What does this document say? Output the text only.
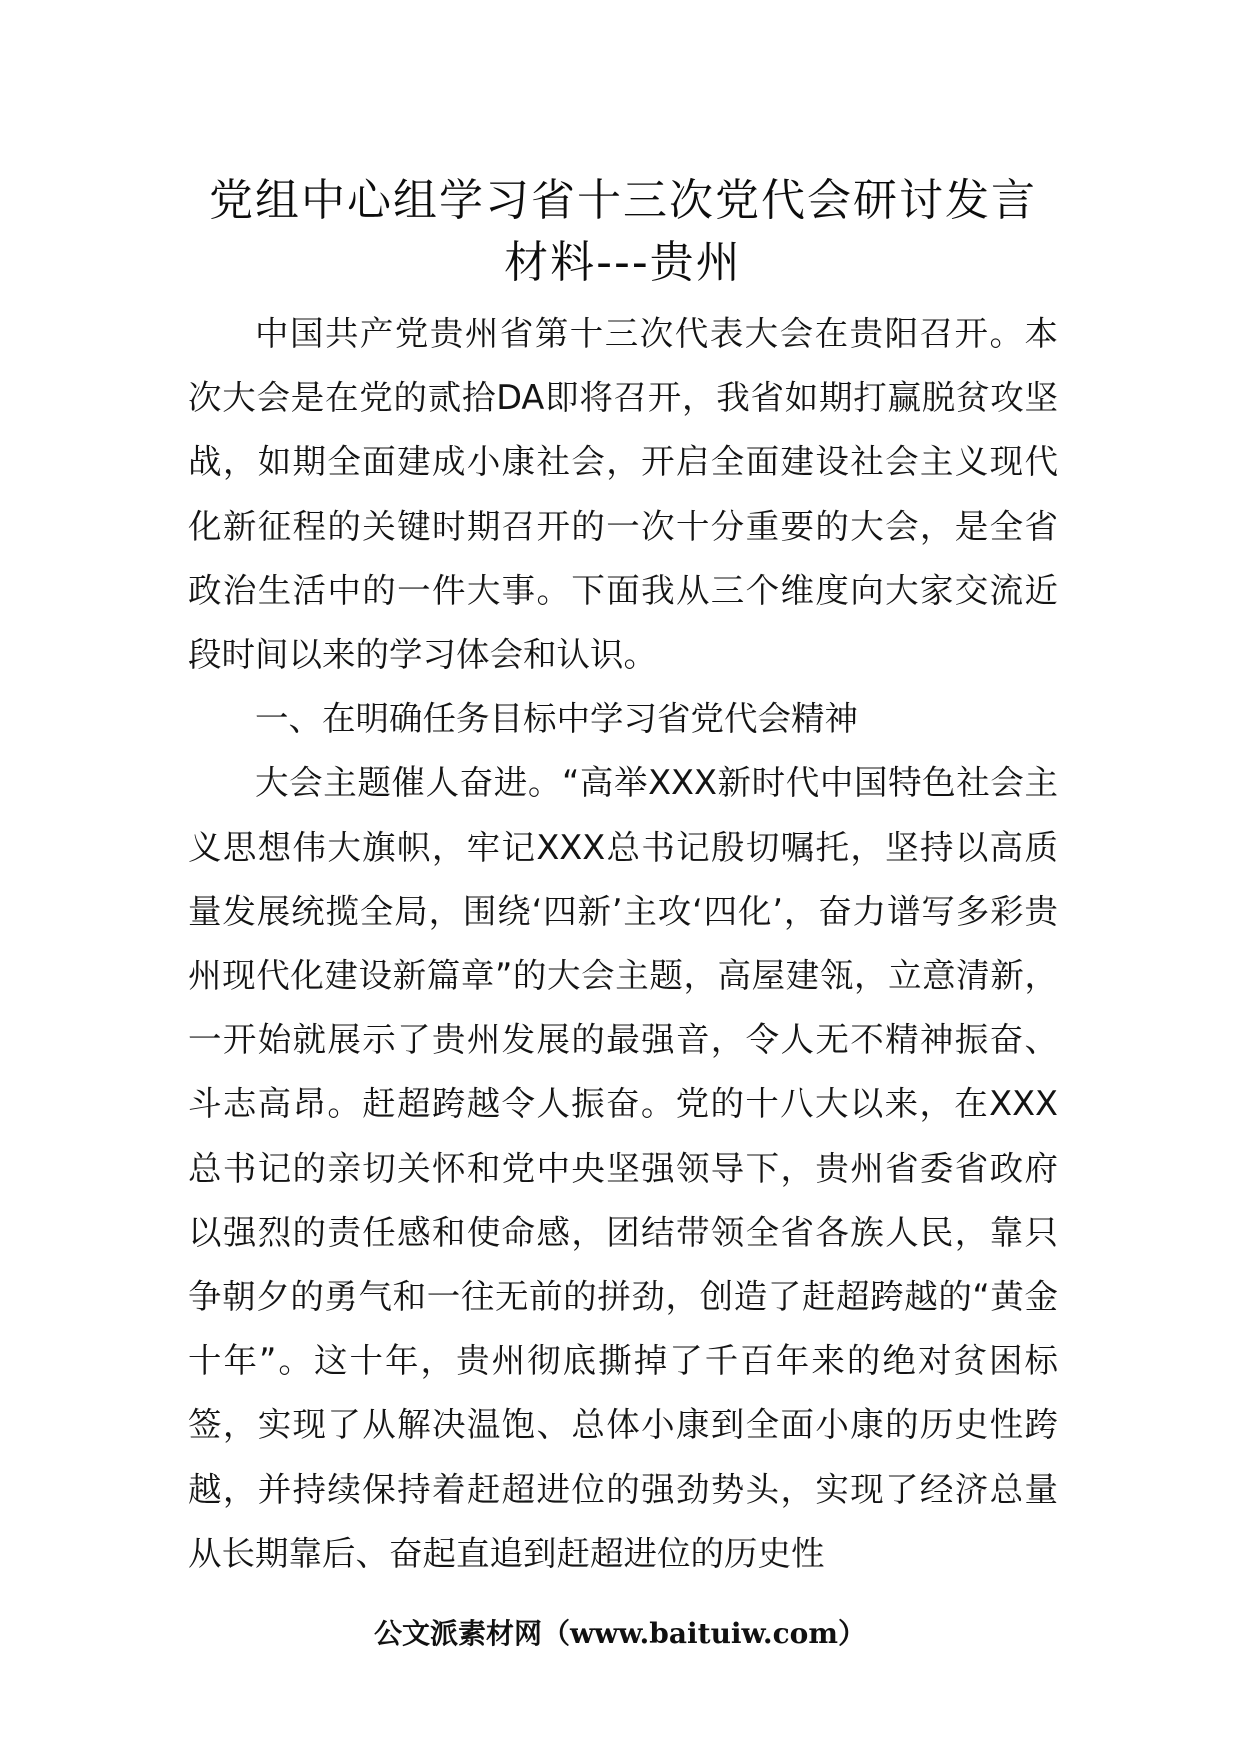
党组中心组学习省十三次党代会研讨发言
材料---贵州

中国共产党贵州省第十三次代表大会在贵阳召开。本次大会是在党的贰拾DA即将召开，我省如期打赢脱贫攻坚战，如期全面建成小康社会，开启全面建设社会主义现代化新征程的关键时期召开的一次十分重要的大会，是全省政治生活中的一件大事。下面我从三个维度向大家交流近段时间以来的学习体会和认识。

一、在明确任务目标中学习省党代会精神

大会主题催人奋进。“高举XXX新时代中国特色社会主义思想伟大旗帜，牢记XXX总书记殷切嘱托，坚持以高质量发展统揽全局，围绕‘四新’主攻‘四化’，奋力谱写多彩贵州现代化建设新篇章”的大会主题，高屋建瓴，立意清新，一开始就展示了贵州发展的最强音，令人无不精神振奋、斗志高昂。赶超跨越令人振奋。党的十八大以来，在XXX总书记的亲切关怀和党中央坚强领导下，贵州省委省政府以强烈的责任感和使命感，团结带领全省各族人民，靠只争朝夕的勇气和一往无前的拼劲，创造了赶超跨越的“黄金十年”。这十年，贵州彻底撕掉了千百年来的绝对贫困标签，实现了从解决温饱、总体小康到全面小康的历史性跨越，并持续保持着赶超进位的强劲势头，实现了经济总量从长期靠后、奋起直追到赶超进位的历史性

公文派素材网（www.baituiw.com）
